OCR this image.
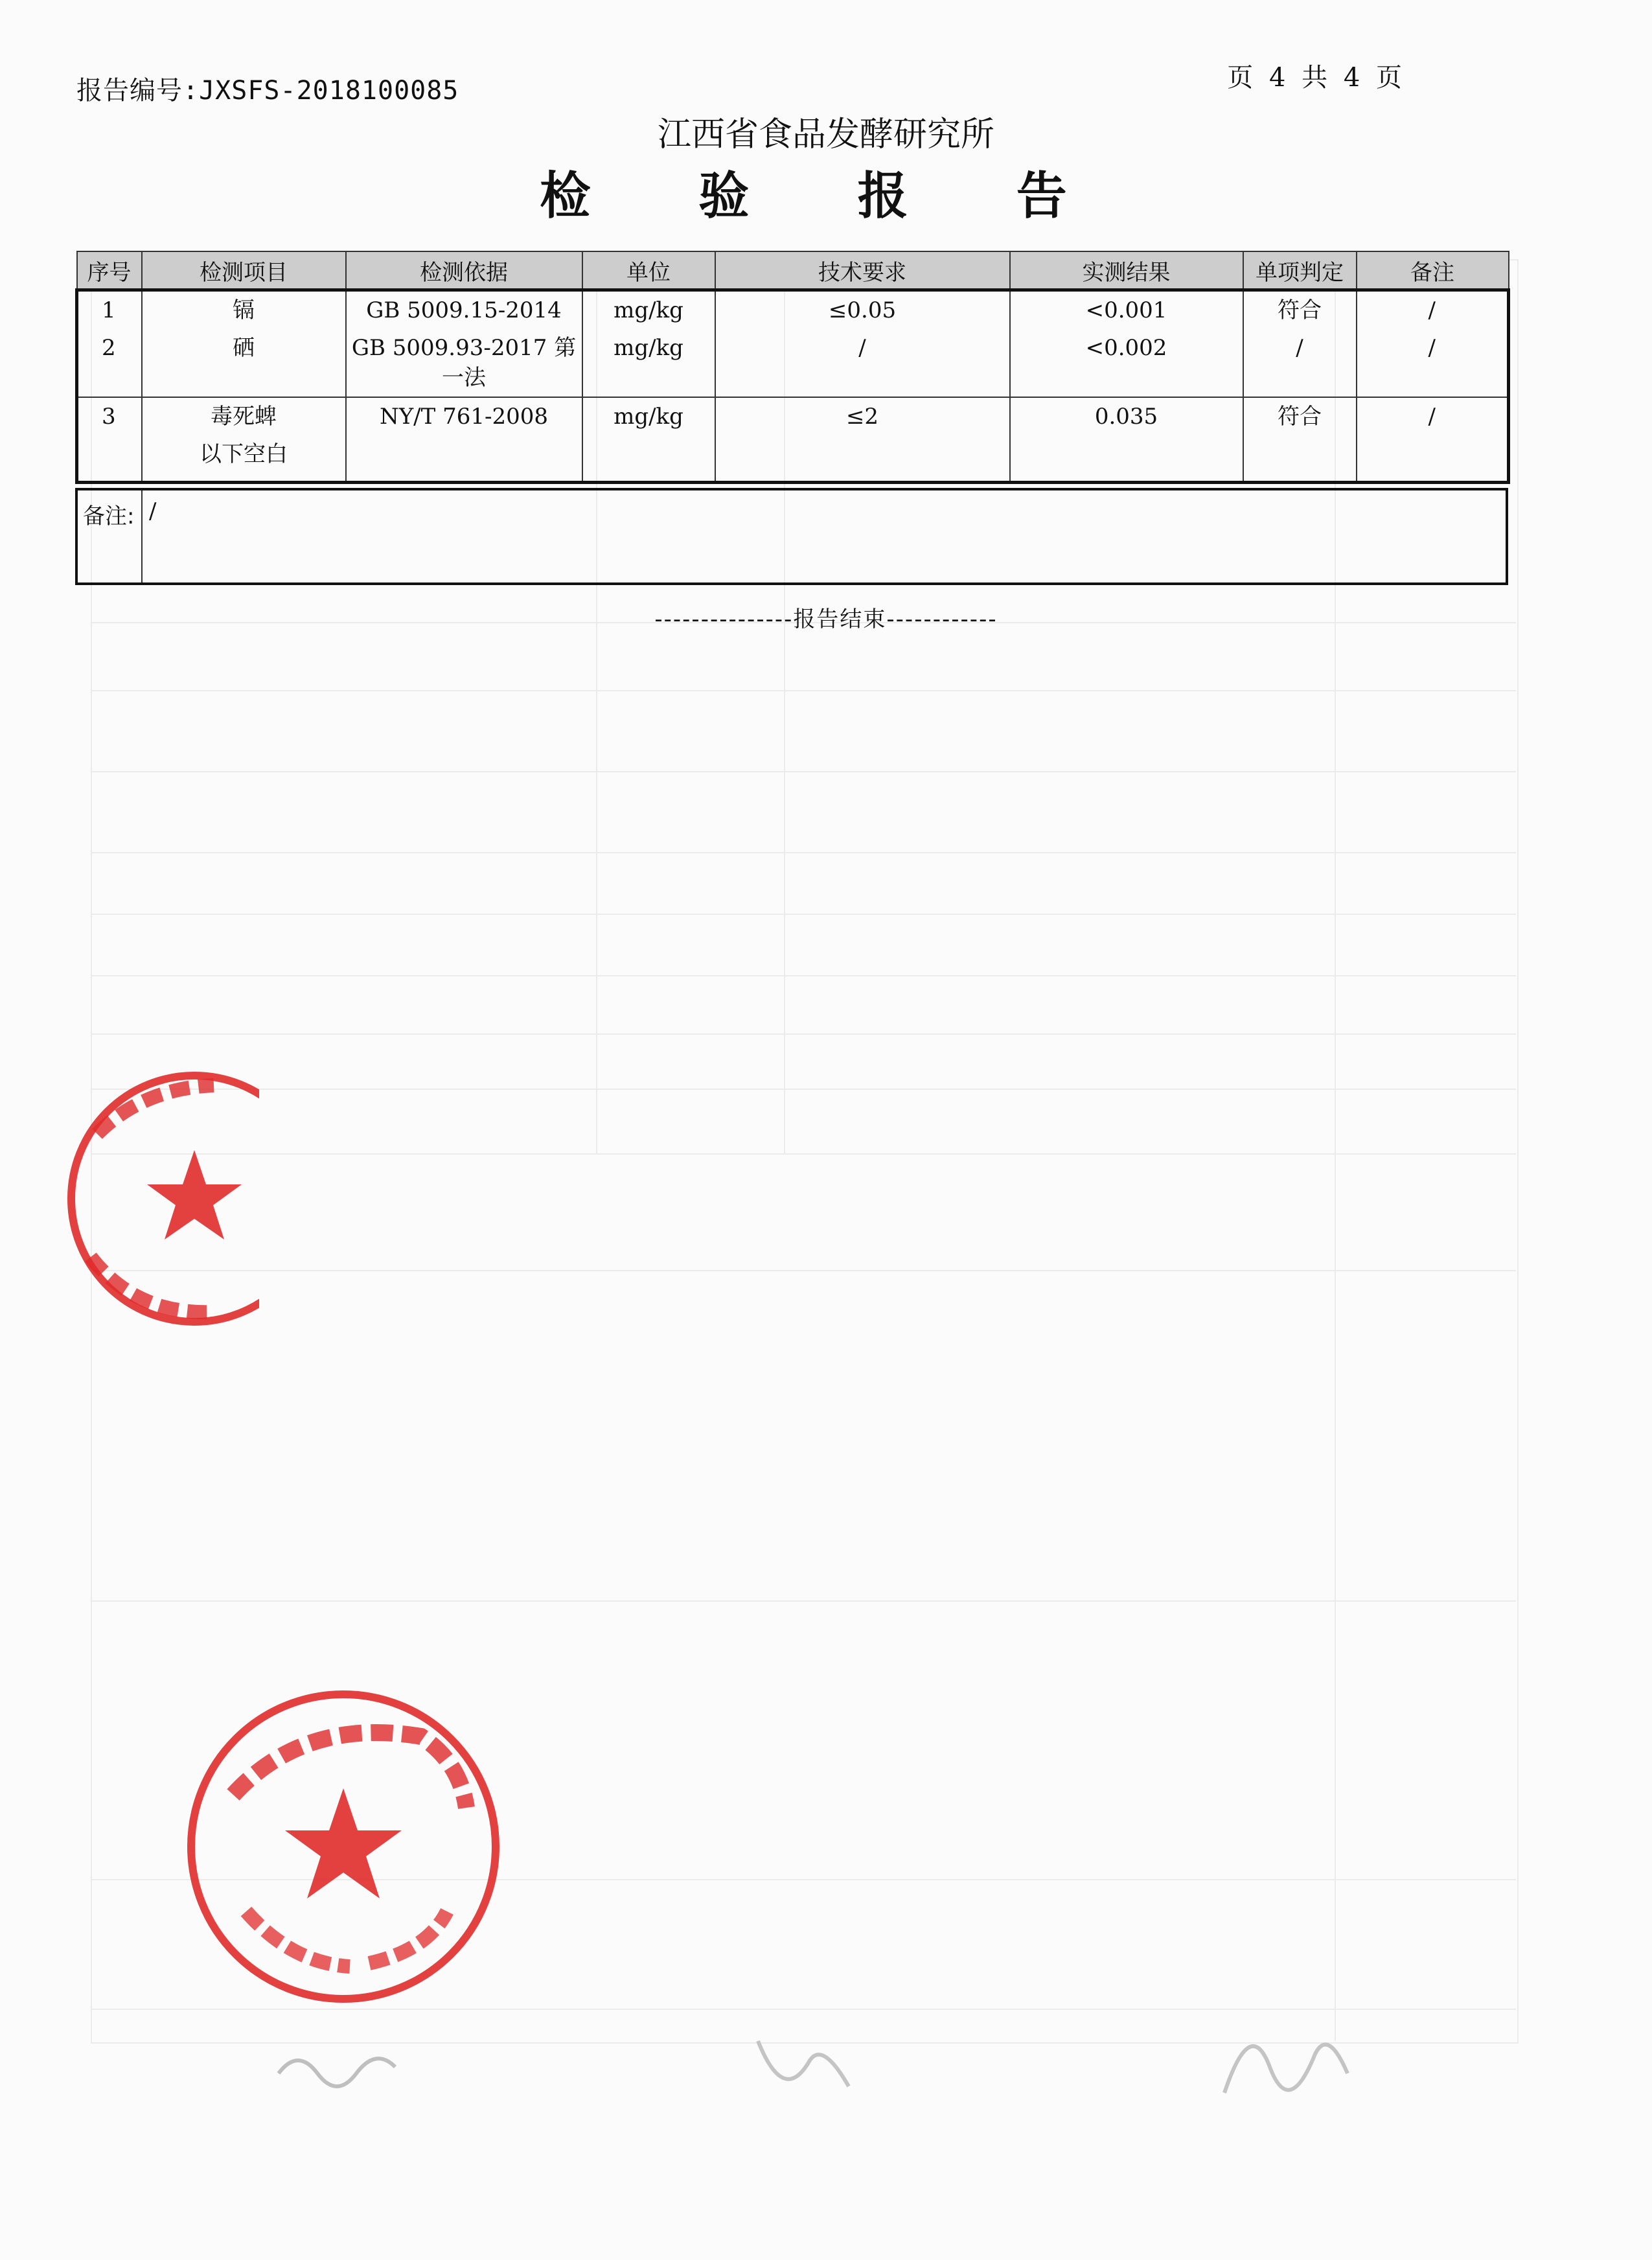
报告编号:JXSFS-2018100085	页 4 共 4 页
江西省食品发酵研究所
检 验 报 告
序号	检测项目	检测依据	单位	技术要求	实测结果	单项判定	备注
1	镉	GB 5009.15-2014	mg/kg	≤0.05	<0.001	符合	/
2	硒	GB 5009.93-2017 第一法	mg/kg	/	<0.002	/	/
3	毒死蜱	NY/T 761-2008	mg/kg	≤2	0.035	符合	/
	以下空白						
备注: /
---------------报告结束------------
